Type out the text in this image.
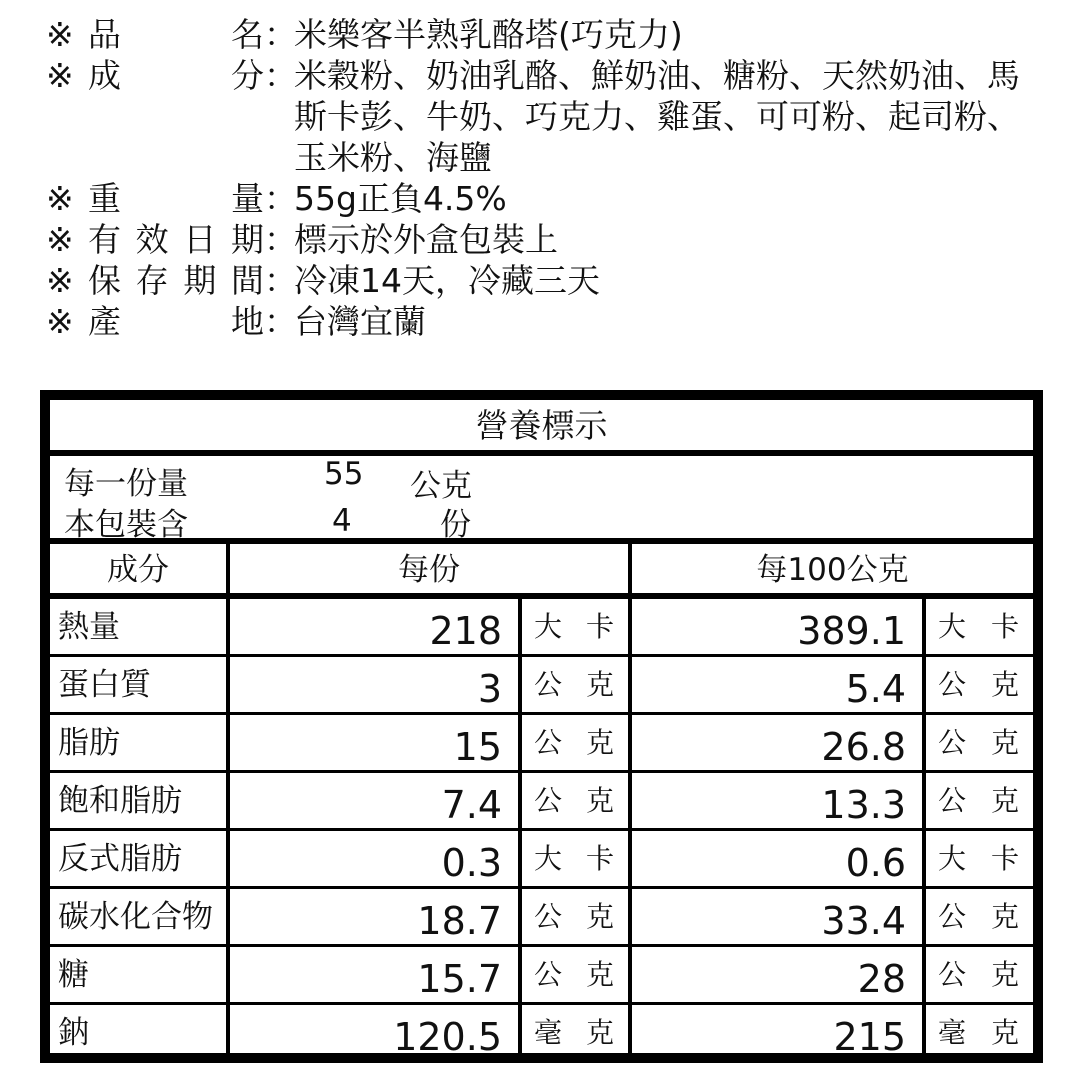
※ 品名 ：
米樂客半熟乳酪塔(巧克力)
※ 成分 ：
米穀粉、奶油乳酪、鮮奶油、糖粉、天然奶油、馬
斯卡彭、牛奶、巧克力、雞蛋、可可粉、起司粉、
玉米粉、海鹽
※ 重量 ：
55g正負4.5%
※ 有效日期 ：
標示於外盒包裝上
※ 保存期間 ：
冷凍14天，冷藏三天
※ 產地 ：
台灣宜蘭
營養標示
每一份量	55 公克
本包裝含	4	份
成分	每份	每100公克
熱量	218	大 卡	389.1	大 卡
蛋白質	3	公 克	5.4	公 克
脂肪	15	公 克	26.8	公 克
飽和脂肪	7.4	公 克	13.3	公 克
反式脂肪	0.3	大 卡	0.6	大 卡
碳水化合物	18.7	公 克	33.4	公 克
糖	15.7	公 克	28	公 克
鈉	120.5	毫 克	215	毫 克
